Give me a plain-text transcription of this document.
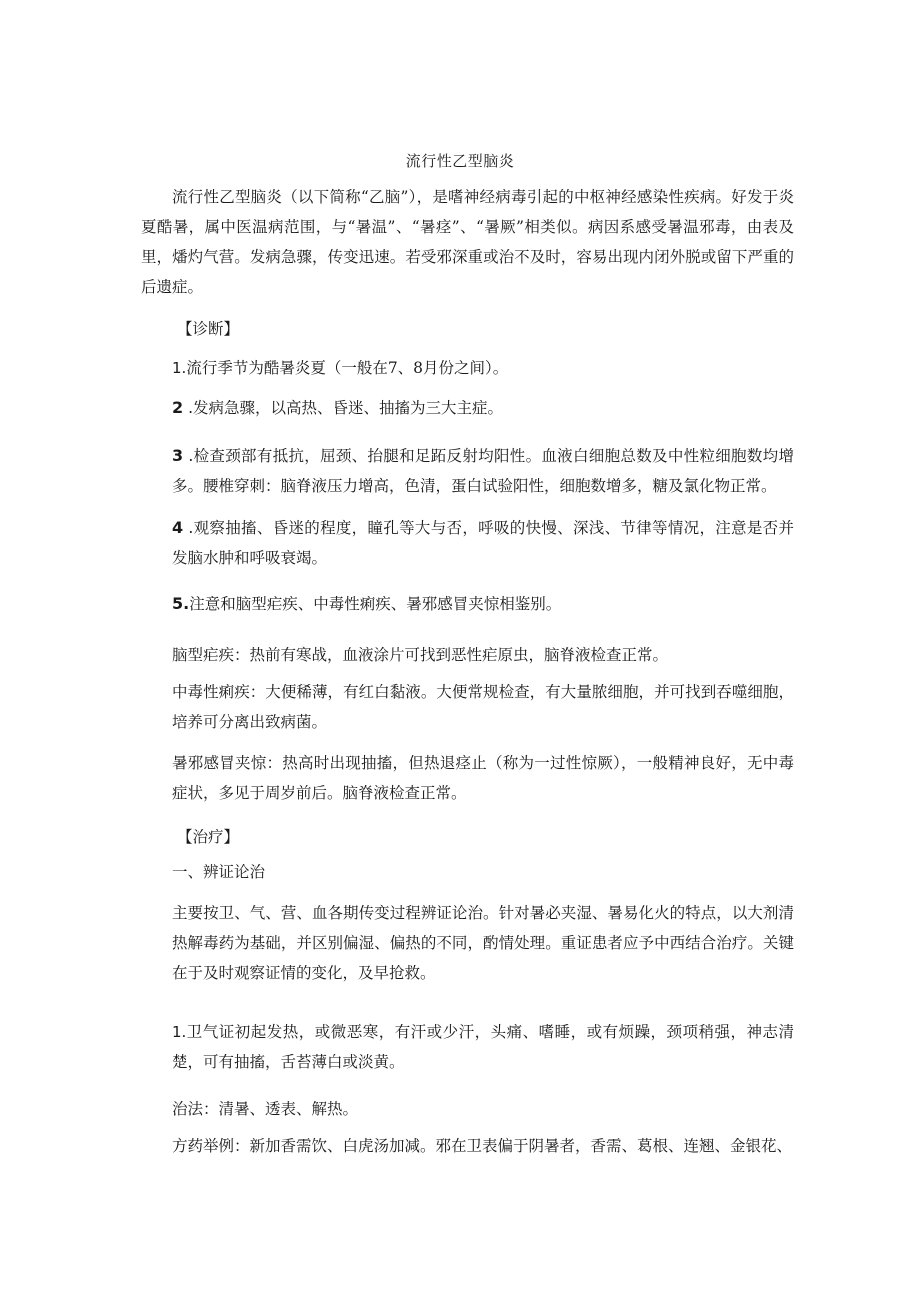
流行性乙型脑炎

流行性乙型脑炎（以下简称“乙脑”），是嗜神经病毒引起的中枢神经感染性疾病。好发于炎夏酷暑，属中医温病范围，与“暑温”、“暑痉”、“暑厥”相类似。病因系感受暑温邪毒，由表及里，燔灼气营。发病急骤，传变迅速。若受邪深重或治不及时，容易出现内闭外脱或留下严重的后遗症。

【诊断】

1.流行季节为酷暑炎夏（一般在7、8月份之间）。

2 .发病急骤，以高热、昏迷、抽搐为三大主症。

3 .检查颈部有抵抗，屈颈、抬腿和足跖反射均阳性。血液白细胞总数及中性粒细胞数均增多。腰椎穿刺：脑脊液压力增高，色清，蛋白试验阳性，细胞数增多，糖及氯化物正常。

4 .观察抽搐、昏迷的程度，瞳孔等大与否，呼吸的快慢、深浅、节律等情况，注意是否并发脑水肿和呼吸衰竭。

5.注意和脑型疟疾、中毒性痢疾、暑邪感冒夹惊相鉴别。

脑型疟疾：热前有寒战，血液涂片可找到恶性疟原虫，脑脊液检查正常。

中毒性痢疾：大便稀薄，有红白黏液。大便常规检查，有大量脓细胞，并可找到吞噬细胞，培养可分离出致病菌。

暑邪感冒夹惊：热高时出现抽搐，但热退痉止（称为一过性惊厥），一般精神良好，无中毒症状，多见于周岁前后。脑脊液检查正常。

【治疗】
一、辨证论治

主要按卫、气、营、血各期传变过程辨证论治。针对暑必夹湿、暑易化火的特点，以大剂清热解毒药为基础，并区别偏湿、偏热的不同，酌情处理。重证患者应予中西结合治疗。关键在于及时观察证情的变化，及早抢救。

1.卫气证初起发热，或微恶寒，有汗或少汗，头痛、嗜睡，或有烦躁，颈项稍强，神志清楚，可有抽搐，舌苔薄白或淡黄。

治法：清暑、透表、解热。

方药举例：新加香需饮、白虎汤加减。邪在卫表偏于阴暑者，香需、葛根、连翘、金银花、
